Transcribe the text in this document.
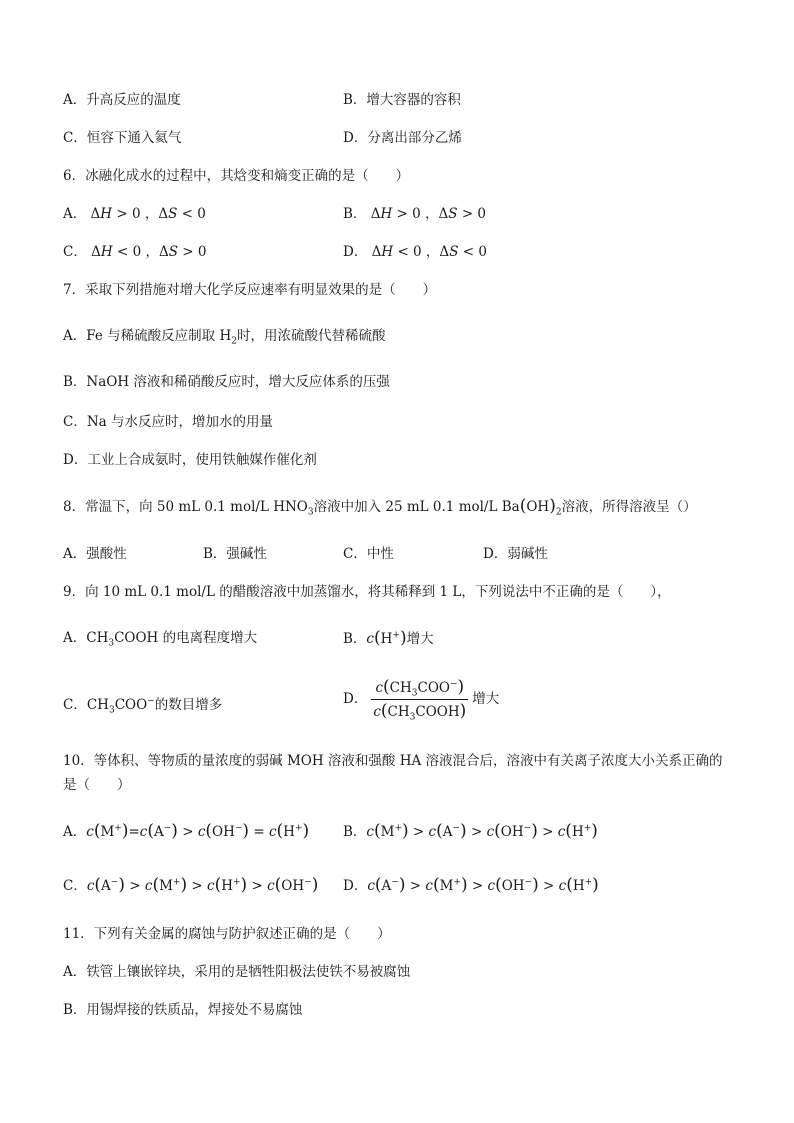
A．升高反应的温度	B．增大容器的容积
C．恒容下通入氦气	D．分离出部分乙烯
6．冰融化成水的过程中，其焓变和熵变正确的是（　　）
A． ΔH > 0 ，ΔS < 0	B． ΔH > 0 ，ΔS > 0
C． ΔH < 0 ，ΔS > 0	D． ΔH < 0 ，ΔS < 0
7．采取下列措施对增大化学反应速率有明显效果的是（　　）
A．Fe 与稀硫酸反应制取 $H_2$时，用浓硫酸代替稀硫酸
B．NaOH 溶液和稀硝酸反应时，增大反应体系的压强
C．Na 与水反应时，增加水的用量
D．工业上合成氨时，使用铁触媒作催化剂
8．常温下，向 50 mL 0.1 mol/L $HNO_3$溶液中加入 25 mL 0.1 mol/L $Ba(OH)_2$溶液，所得溶液呈（）
A．强酸性	B．强碱性	C．中性	D．弱碱性
9．向 10 mL 0.1 mol/L 的醋酸溶液中加蒸馏水，将其稀释到 1 L，下列说法中不正确的是（　　），
A．$CH_3COOH$ 的电离程度增大	B．c(H+)增大
C．$CH_3COO^-$的数目增多	D． $\frac{c(CH_3COO^-)}{c(CH_3COOH)}$ 增大
10．等体积、等物质的量浓度的弱碱 MOH 溶液和强酸 HA 溶液混合后，溶液中有关离子浓度大小关系正确的
是（　　）
A．c(M+)=c(A−) > c(OH−) = c(H+)	B．c(M+) > c(A−) > c(OH−) > c(H+)
C．c(A−) > c(M+) > c(H+) > c(OH−) D．c(A−) > c(M+) > c(OH−) > c(H+)
11．下列有关金属的腐蚀与防护叙述正确的是（　　）
A．铁管上镶嵌锌块，采用的是牺牲阳极法使铁不易被腐蚀
B．用锡焊接的铁质品，焊接处不易腐蚀
